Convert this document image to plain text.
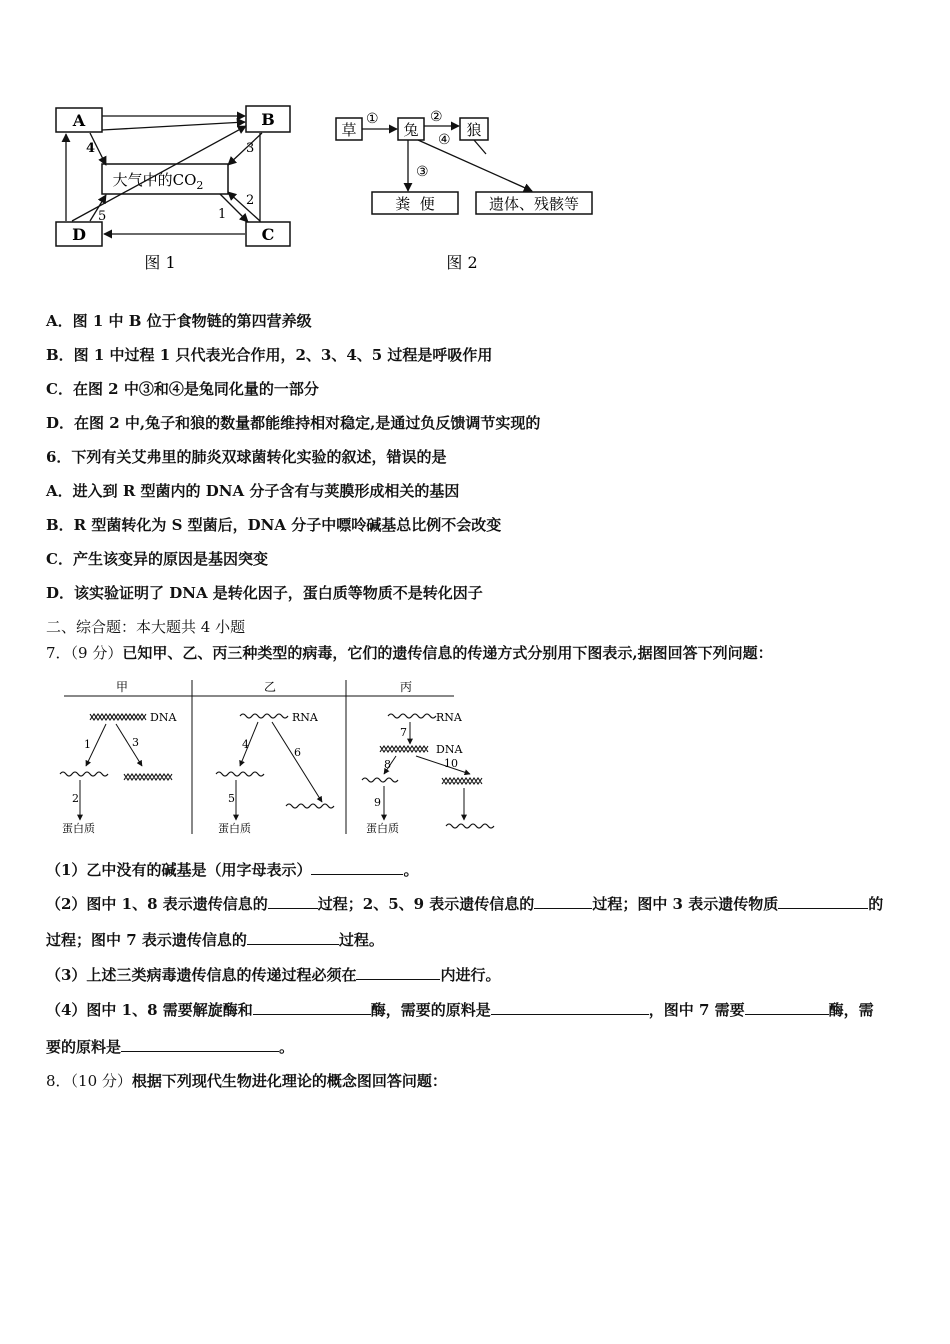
A	B
D	C
大气中的$CO_2$
1
2
3
4
5
图 1
草	兔	狼
粪  便	遗体、残骸等
①	②
④
③
图 2
A．图 1 中 B 位于食物链的第四营养级
B．图 1 中过程 1 只代表光合作用，2、3、4、5 过程是呼吸作用
C．在图 2 中③和④是兔同化量的一部分
D．在图 2 中,兔子和狼的数量都能维持相对稳定,是通过负反馈调节实现的
6．下列有关艾弗里的肺炎双球菌转化实验的叙述，错误的是
A．进入到 R 型菌内的 DNA 分子含有与荚膜形成相关的基因
B．R 型菌转化为 S 型菌后，DNA 分子中嘌呤碱基总比例不会改变
C．产生该变异的原因是基因突变
D．该实验证明了 DNA 是转化因子，蛋白质等物质不是转化因子
二、综合题：本大题共 4 小题
7．（9 分）已知甲、乙、丙三种类型的病毒，它们的遗传信息的传递方式分别用下图表示,据图回答下列问题：
甲	乙	丙
DNA
1	3
2
蛋白质
RNA
4
6
5
蛋白质
RNA
7
DNA
8	10
9
蛋白质
（1）乙中没有的碱基是（用字母表示）	。
（2）图中 1、8 表示遗传信息的	过程；2、5、9 表示遗传信息的	过程；图中 3 表示遗传物质	的
过程；图中 7 表示遗传信息的	过程。
（3）上述三类病毒遗传信息的传递过程必须在	内进行。
（4）图中 1、8 需要解旋酶和	酶，需要的原料是	，图中 7 需要	酶，需
要的原料是	。
8．（10 分）根据下列现代生物进化理论的概念图回答问题：
